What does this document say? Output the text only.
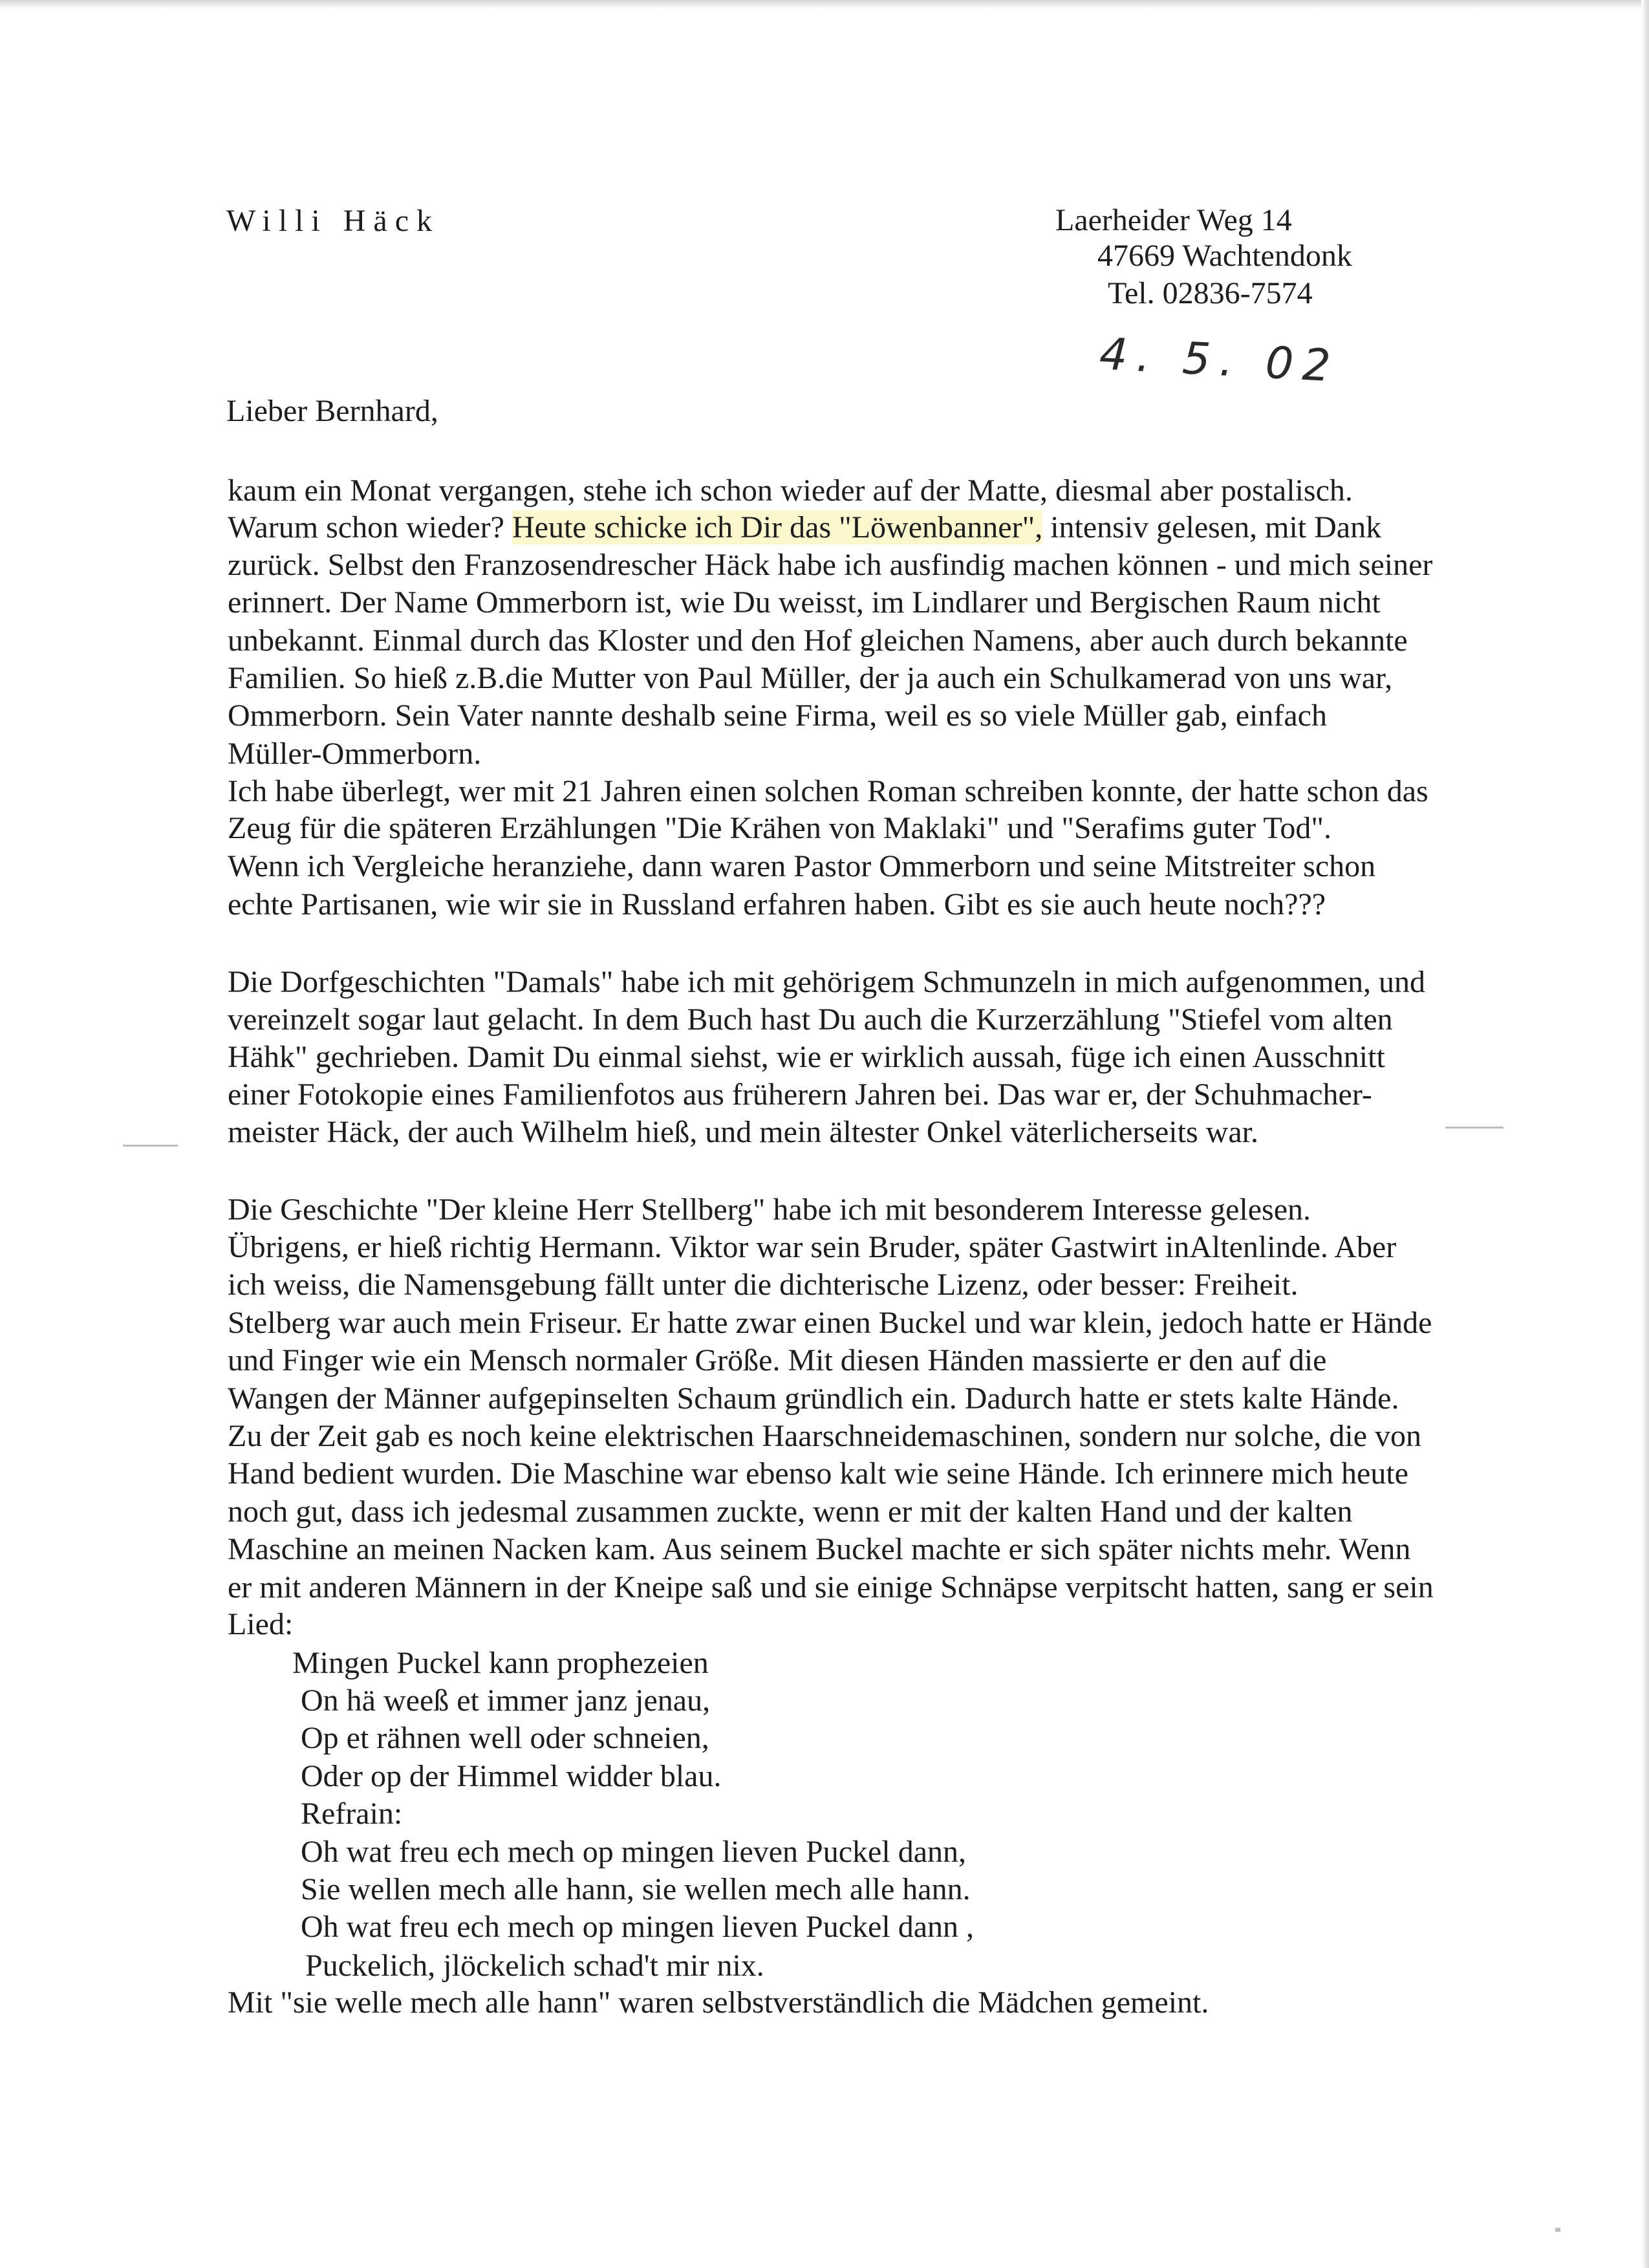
Willi Häck	Laerheider Weg 14
47669 Wachtendonk
Tel. 02836-7574
4. 5. 02
Lieber Bernhard,
kaum ein Monat vergangen, stehe ich schon wieder auf der Matte, diesmal aber postalisch.
Warum schon wieder? Heute schicke ich Dir das "Löwenbanner", intensiv gelesen, mit Dank
zurück. Selbst den Franzosendrescher Häck habe ich ausfindig machen können - und mich seiner
erinnert. Der Name Ommerborn ist, wie Du weisst, im Lindlarer und Bergischen Raum nicht
unbekannt. Einmal durch das Kloster und den Hof gleichen Namens, aber auch durch bekannte
Familien. So hieß z.B.die Mutter von Paul Müller, der ja auch ein Schulkamerad von uns war,
Ommerborn. Sein Vater nannte deshalb seine Firma, weil es so viele Müller gab, einfach
Müller-Ommerborn.
Ich habe überlegt, wer mit 21 Jahren einen solchen Roman schreiben konnte, der hatte schon das
Zeug für die späteren Erzählungen "Die Krähen von Maklaki" und "Serafims guter Tod".
Wenn ich Vergleiche heranziehe, dann waren Pastor Ommerborn und seine Mitstreiter schon
echte Partisanen, wie wir sie in Russland erfahren haben. Gibt es sie auch heute noch???
Die Dorfgeschichten "Damals" habe ich mit gehörigem Schmunzeln in mich aufgenommen, und
vereinzelt sogar laut gelacht. In dem Buch hast Du auch die Kurzerzählung "Stiefel vom alten
Hähk" gechrieben. Damit Du einmal siehst, wie er wirklich aussah, füge ich einen Ausschnitt
einer Fotokopie eines Familienfotos aus früherern Jahren bei. Das war er, der Schuhmacher-
meister Häck, der auch Wilhelm hieß, und mein ältester Onkel väterlicherseits war.
Die Geschichte "Der kleine Herr Stellberg" habe ich mit besonderem Interesse gelesen.
Übrigens, er hieß richtig Hermann. Viktor war sein Bruder, später Gastwirt inAltenlinde. Aber
ich weiss, die Namensgebung fällt unter die dichterische Lizenz, oder besser: Freiheit.
Stelberg war auch mein Friseur. Er hatte zwar einen Buckel und war klein, jedoch hatte er Hände
und Finger wie ein Mensch normaler Größe. Mit diesen Händen massierte er den auf die
Wangen der Männer aufgepinselten Schaum gründlich ein. Dadurch hatte er stets kalte Hände.
Zu der Zeit gab es noch keine elektrischen Haarschneidemaschinen, sondern nur solche, die von
Hand bedient wurden. Die Maschine war ebenso kalt wie seine Hände. Ich erinnere mich heute
noch gut, dass ich jedesmal zusammen zuckte, wenn er mit der kalten Hand und der kalten
Maschine an meinen Nacken kam. Aus seinem Buckel machte er sich später nichts mehr. Wenn
er mit anderen Männern in der Kneipe saß und sie einige Schnäpse verpitscht hatten, sang er sein
Lied:
Mingen Puckel kann prophezeien
On hä weeß et immer janz jenau,
Op et rähnen well oder schneien,
Oder op der Himmel widder blau.
Refrain:
Oh wat freu ech mech op mingen lieven Puckel dann,
Sie wellen mech alle hann, sie wellen mech alle hann.
Oh wat freu ech mech op mingen lieven Puckel dann ,
Puckelich, jlöckelich schad't mir nix.
Mit "sie welle mech alle hann" waren selbstverständlich die Mädchen gemeint.
